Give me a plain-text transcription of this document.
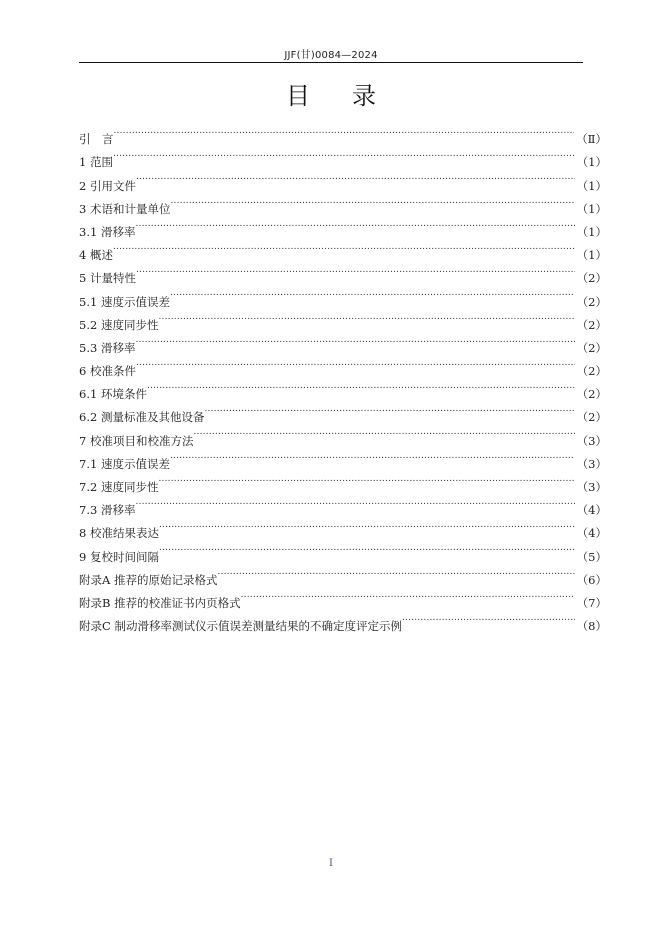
JJF(甘)0084—2024
目录
引　言 .....	（Ⅱ）
1 范围 .....	（1）
2 引用文件 .....	（1）
3 术语和计量单位 .....	（1）
3.1 滑移率 .....	（1）
4 概述 .....	（1）
5 计量特性 .....	（2）
5.1 速度示值误差 .....	（2）
5.2 速度同步性 .....	（2）
5.3 滑移率 .....	（2）
6 校准条件 .....	（2）
6.1 环境条件 .....	（2）
6.2 测量标准及其他设备 .....	（2）
7 校准项目和校准方法 .....	（3）
7.1 速度示值误差 .....	（3）
7.2 速度同步性 .....	（3）
7.3 滑移率 .....	（4）
8 校准结果表达 .....	（4）
9 复校时间间隔 .....	（5）
附录A 推荐的原始记录格式 .....	（6）
附录B 推荐的校准证书内页格式 .....	（7）
附录C 制动滑移率测试仪示值误差测量结果的不确定度评定示例 .....	（8）
I
